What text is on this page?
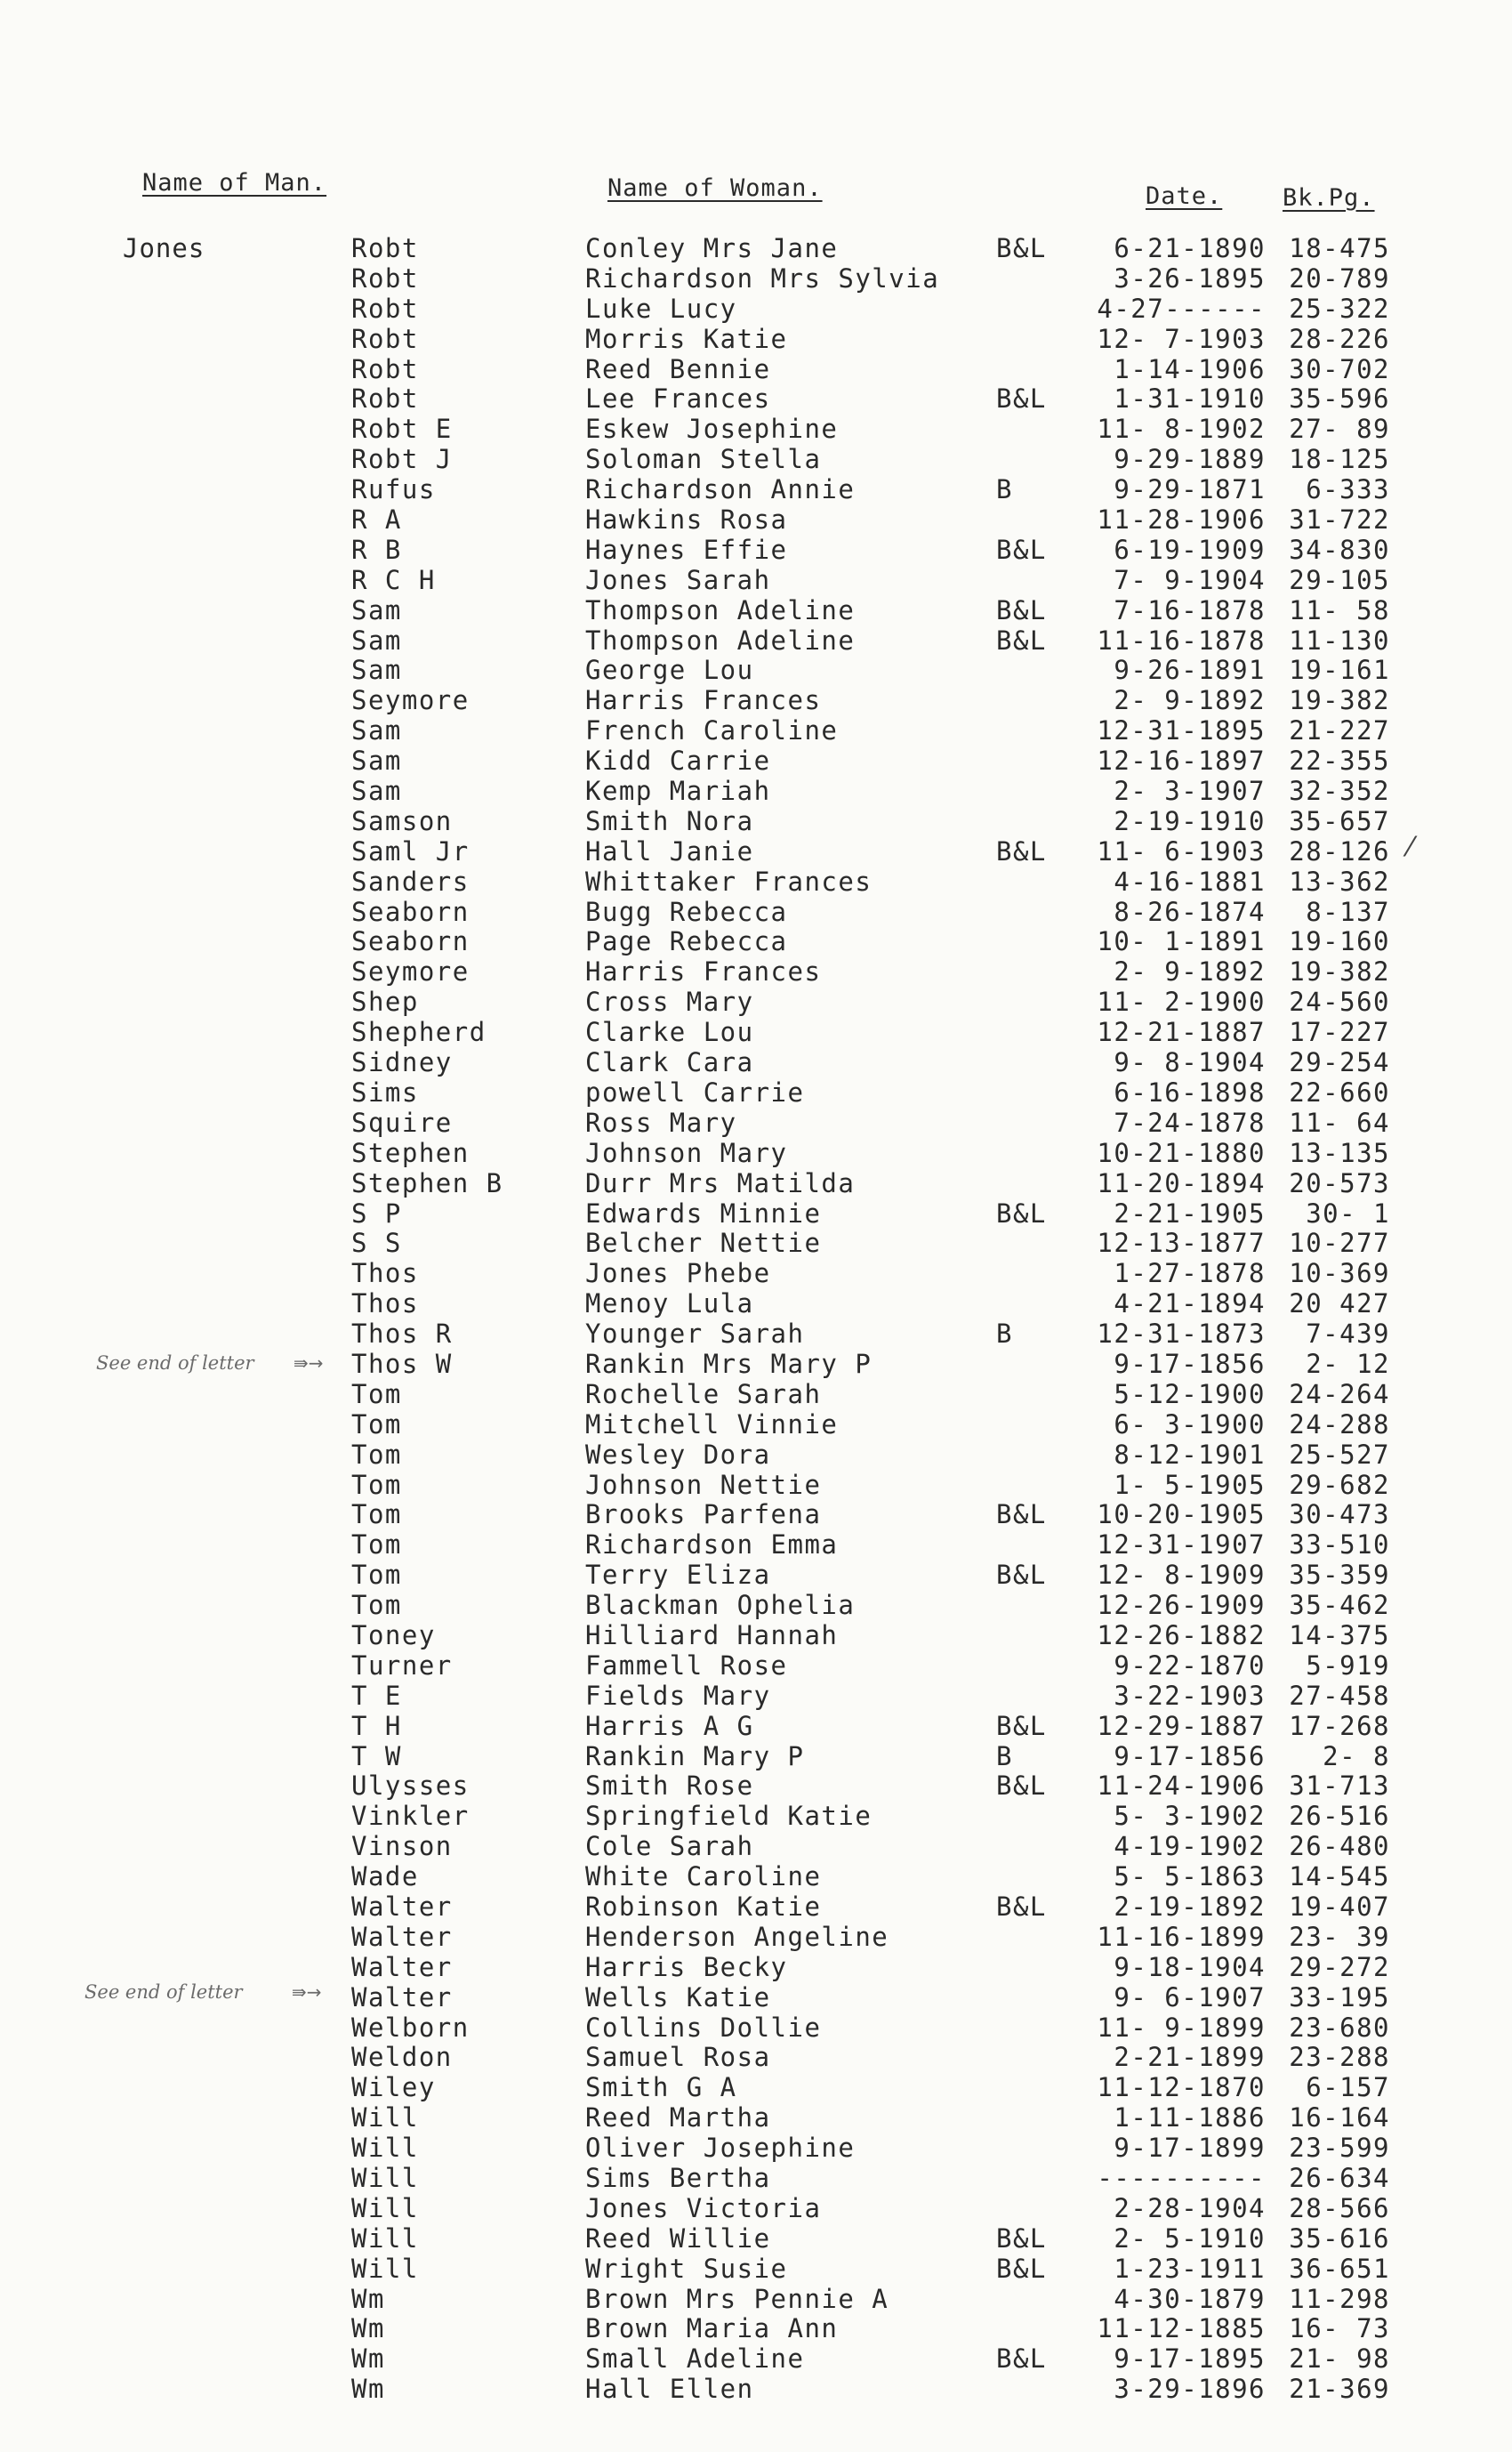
Name of Man.	Name of Woman.	Date.	Bk.Pg.
Jones	Robt	Conley Mrs Jane	B&L	6-21-1890 18-475
Robt	Richardson Mrs Sylvia	3-26-1895 20-789
Robt	Luke Lucy	4-27------ 25-322
Robt	Morris Katie	12- 7-1903 28-226
Robt	Reed Bennie	1-14-1906 30-702
Robt	Lee Frances	B&L	1-31-1910 35-596
Robt E	Eskew Josephine	11- 8-1902 27- 89
Robt J	Soloman Stella	9-29-1889 18-125
Rufus	Richardson Annie	B	9-29-1871	6-333
R A	Hawkins Rosa	11-28-1906 31-722
R B	Haynes Effie	B&L	6-19-1909 34-830
R C H	Jones Sarah	7- 9-1904 29-105
Sam	Thompson Adeline	B&L	7-16-1878 11- 58
Sam	Thompson Adeline	B&L	11-16-1878 11-130
Sam	George Lou	9-26-1891 19-161
Seymore	Harris Frances	2- 9-1892 19-382
Sam	French Caroline	12-31-1895 21-227
Sam	Kidd Carrie	12-16-1897 22-355
Sam	Kemp Mariah	2- 3-1907 32-352
Samson	Smith Nora	2-19-1910 35-657
Saml Jr	Hall Janie	B&L	11- 6-1903 28-126
Sanders	Whittaker Frances	4-16-1881 13-362
Seaborn	Bugg Rebecca	8-26-1874	8-137
Seaborn	Page Rebecca	10- 1-1891 19-160
Seymore	Harris Frances	2- 9-1892 19-382
Shep	Cross Mary	11- 2-1900 24-560
Shepherd	Clarke Lou	12-21-1887 17-227
Sidney	Clark Cara	9- 8-1904 29-254
Sims	powell Carrie	6-16-1898 22-660
Squire	Ross Mary	7-24-1878 11- 64
Stephen	Johnson Mary	10-21-1880 13-135
Stephen B	Durr Mrs Matilda	11-20-1894 20-573
S P	Edwards Minnie	B&L	2-21-1905	30- 1
S S	Belcher Nettie	12-13-1877 10-277
Thos	Jones Phebe	1-27-1878 10-369
Thos	Menoy Lula	4-21-1894 20 427
Thos R	Younger Sarah	B	12-31-1873	7-439
Thos W	Rankin Mrs Mary P	9-17-1856	2- 12
Tom	Rochelle Sarah	5-12-1900 24-264
Tom	Mitchell Vinnie	6- 3-1900 24-288
Tom	Wesley Dora	8-12-1901 25-527
Tom	Johnson Nettie	1- 5-1905 29-682
Tom	Brooks Parfena	B&L	10-20-1905 30-473
Tom	Richardson Emma	12-31-1907 33-510
Tom	Terry Eliza	B&L	12- 8-1909 35-359
Tom	Blackman Ophelia	12-26-1909 35-462
Toney	Hilliard Hannah	12-26-1882 14-375
Turner	Fammell Rose	9-22-1870	5-919
T E	Fields Mary	3-22-1903 27-458
T H	Harris A G	B&L	12-29-1887 17-268
T W	Rankin Mary P	B	9-17-1856	2- 8
Ulysses	Smith Rose	B&L	11-24-1906 31-713
Vinkler	Springfield Katie	5- 3-1902 26-516
Vinson	Cole Sarah	4-19-1902 26-480
Wade	White Caroline	5- 5-1863 14-545
Walter	Robinson Katie	B&L	2-19-1892 19-407
Walter	Henderson Angeline	11-16-1899 23- 39
Walter	Harris Becky	9-18-1904 29-272
Walter	Wells Katie	9- 6-1907 33-195
Welborn	Collins Dollie	11- 9-1899 23-680
Weldon	Samuel Rosa	2-21-1899 23-288
Wiley	Smith G A	11-12-1870	6-157
Will	Reed Martha	1-11-1886 16-164
Will	Oliver Josephine	9-17-1899 23-599
Will	Sims Bertha	---------- 26-634
Will	Jones Victoria	2-28-1904 28-566
Will	Reed Willie	B&L	2- 5-1910 35-616
Will	Wright Susie	B&L	1-23-1911 36-651
Wm	Brown Mrs Pennie A	4-30-1879 11-298
Wm	Brown Maria Ann	11-12-1885 16- 73
Wm	Small Adeline	B&L	9-17-1895 21- 98
Wm	Hall Ellen	3-29-1896 21-369
See end of letter ⇛→
See end of letter	⇛→
⁄
